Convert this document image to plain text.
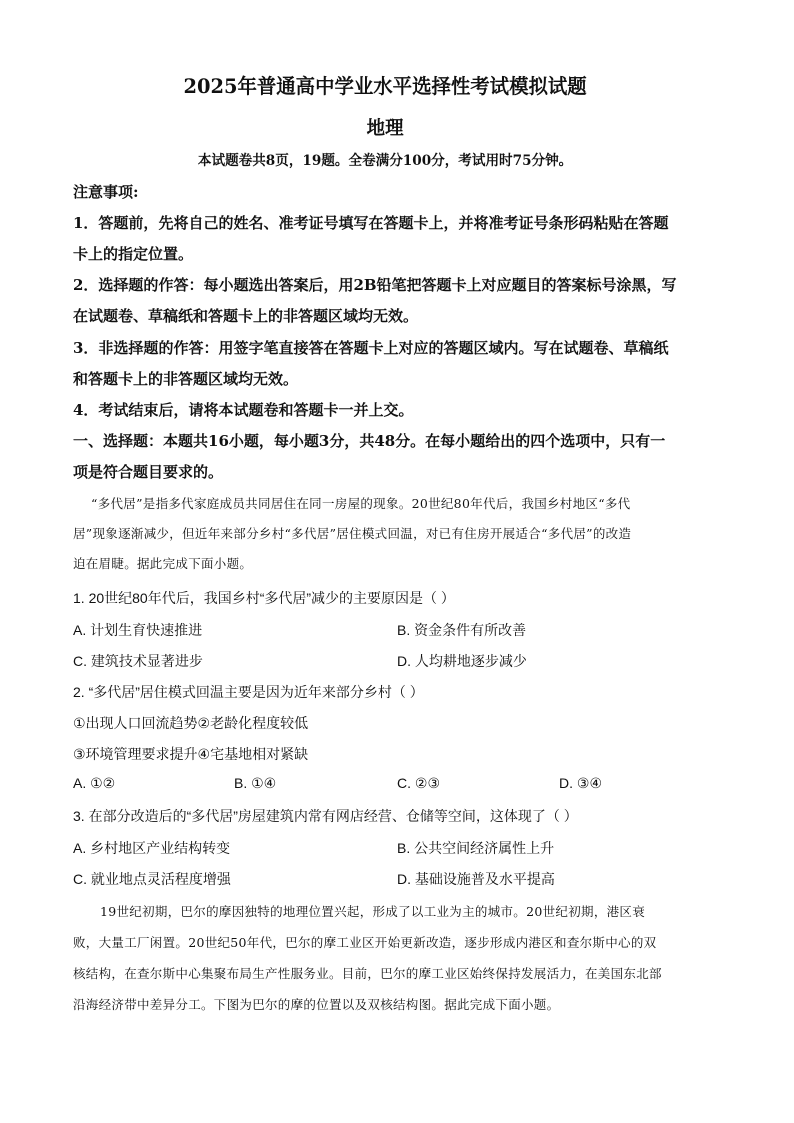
2025年普通高中学业水平选择性考试模拟试题
地理
本试题卷共8页，19题。全卷满分100分，考试用时75分钟。
注意事项:
1．答题前，先将自己的姓名、准考证号填写在答题卡上，并将准考证号条形码粘贴在答题
卡上的指定位置。
2．选择题的作答：每小题选出答案后，用2B铅笔把答题卡上对应题目的答案标号涂黑，写
在试题卷、草稿纸和答题卡上的非答题区域均无效。
3．非选择题的作答：用签字笔直接答在答题卡上对应的答题区域内。写在试题卷、草稿纸
和答题卡上的非答题区域均无效。
4．考试结束后，请将本试题卷和答题卡一并上交。
一、选择题：本题共16小题，每小题3分，共48分。在每小题给出的四个选项中，只有一
项是符合题目要求的。
“多代居”是指多代家庭成员共同居住在同一房屋的现象。20世纪80年代后，我国乡村地区“多代
居”现象逐渐减少，但近年来部分乡村“多代居”居住模式回温，对已有住房开展适合“多代居”的改造
迫在眉睫。据此完成下面小题。
1. 20世纪80年代后，我国乡村“多代居”减少的主要原因是（ ）
A. 计划生育快速推进	B. 资金条件有所改善
C. 建筑技术显著进步	D. 人均耕地逐步减少
2. “多代居”居住模式回温主要是因为近年来部分乡村（ ）
①出现人口回流趋势②老龄化程度较低
③环境管理要求提升④宅基地相对紧缺
A. ①②	B. ①④	C. ②③	D. ③④
3. 在部分改造后的“多代居”房屋建筑内常有网店经营、仓储等空间，这体现了（ ）
A. 乡村地区产业结构转变	B. 公共空间经济属性上升
C. 就业地点灵活程度增强	D. 基础设施普及水平提高
19世纪初期，巴尔的摩因独特的地理位置兴起，形成了以工业为主的城市。20世纪初期，港区衰
败，大量工厂闲置。20世纪50年代，巴尔的摩工业区开始更新改造，逐步形成内港区和查尔斯中心的双
核结构，在查尔斯中心集聚布局生产性服务业。目前，巴尔的摩工业区始终保持发展活力，在美国东北部
沿海经济带中差异分工。下图为巴尔的摩的位置以及双核结构图。据此完成下面小题。
